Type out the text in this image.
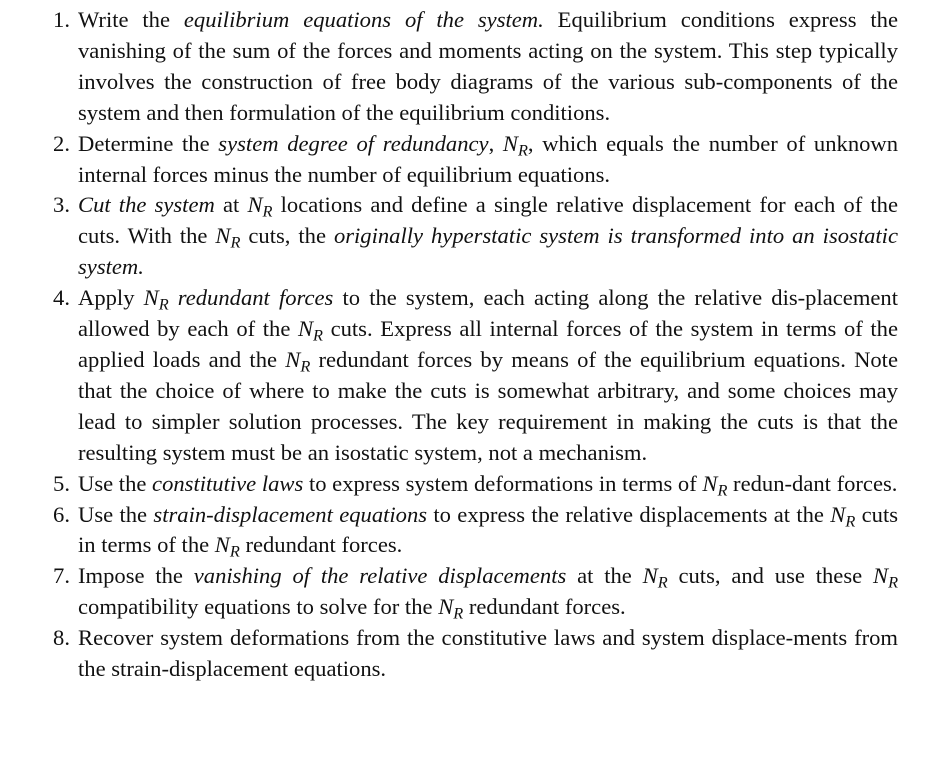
1. Write the equilibrium equations of the system. Equilibrium conditions express the vanishing of the sum of the forces and moments acting on the system. This step typically involves the construction of free body diagrams of the various sub-components of the system and then formulation of the equilibrium conditions.
2. Determine the system degree of redundancy, $N_R$, which equals the number of unknown internal forces minus the number of equilibrium equations.
3. Cut the system at $N_R$ locations and define a single relative displacement for each of the cuts. With the $N_R$ cuts, the originally hyperstatic system is transformed into an isostatic system.
4. Apply $N_R$ redundant forces to the system, each acting along the relative dis-placement allowed by each of the $N_R$ cuts. Express all internal forces of the system in terms of the applied loads and the $N_R$ redundant forces by means of the equilibrium equations. Note that the choice of where to make the cuts is somewhat arbitrary, and some choices may lead to simpler solution processes. The key requirement in making the cuts is that the resulting system must be an isostatic system, not a mechanism.
5. Use the constitutive laws to express system deformations in terms of $N_R$ redun-dant forces.
6. Use the strain-displacement equations to express the relative displacements at the $N_R$ cuts in terms of the $N_R$ redundant forces.
7. Impose the vanishing of the relative displacements at the $N_R$ cuts, and use these $N_R$ compatibility equations to solve for the $N_R$ redundant forces.
8. Recover system deformations from the constitutive laws and system displace-ments from the strain-displacement equations.
